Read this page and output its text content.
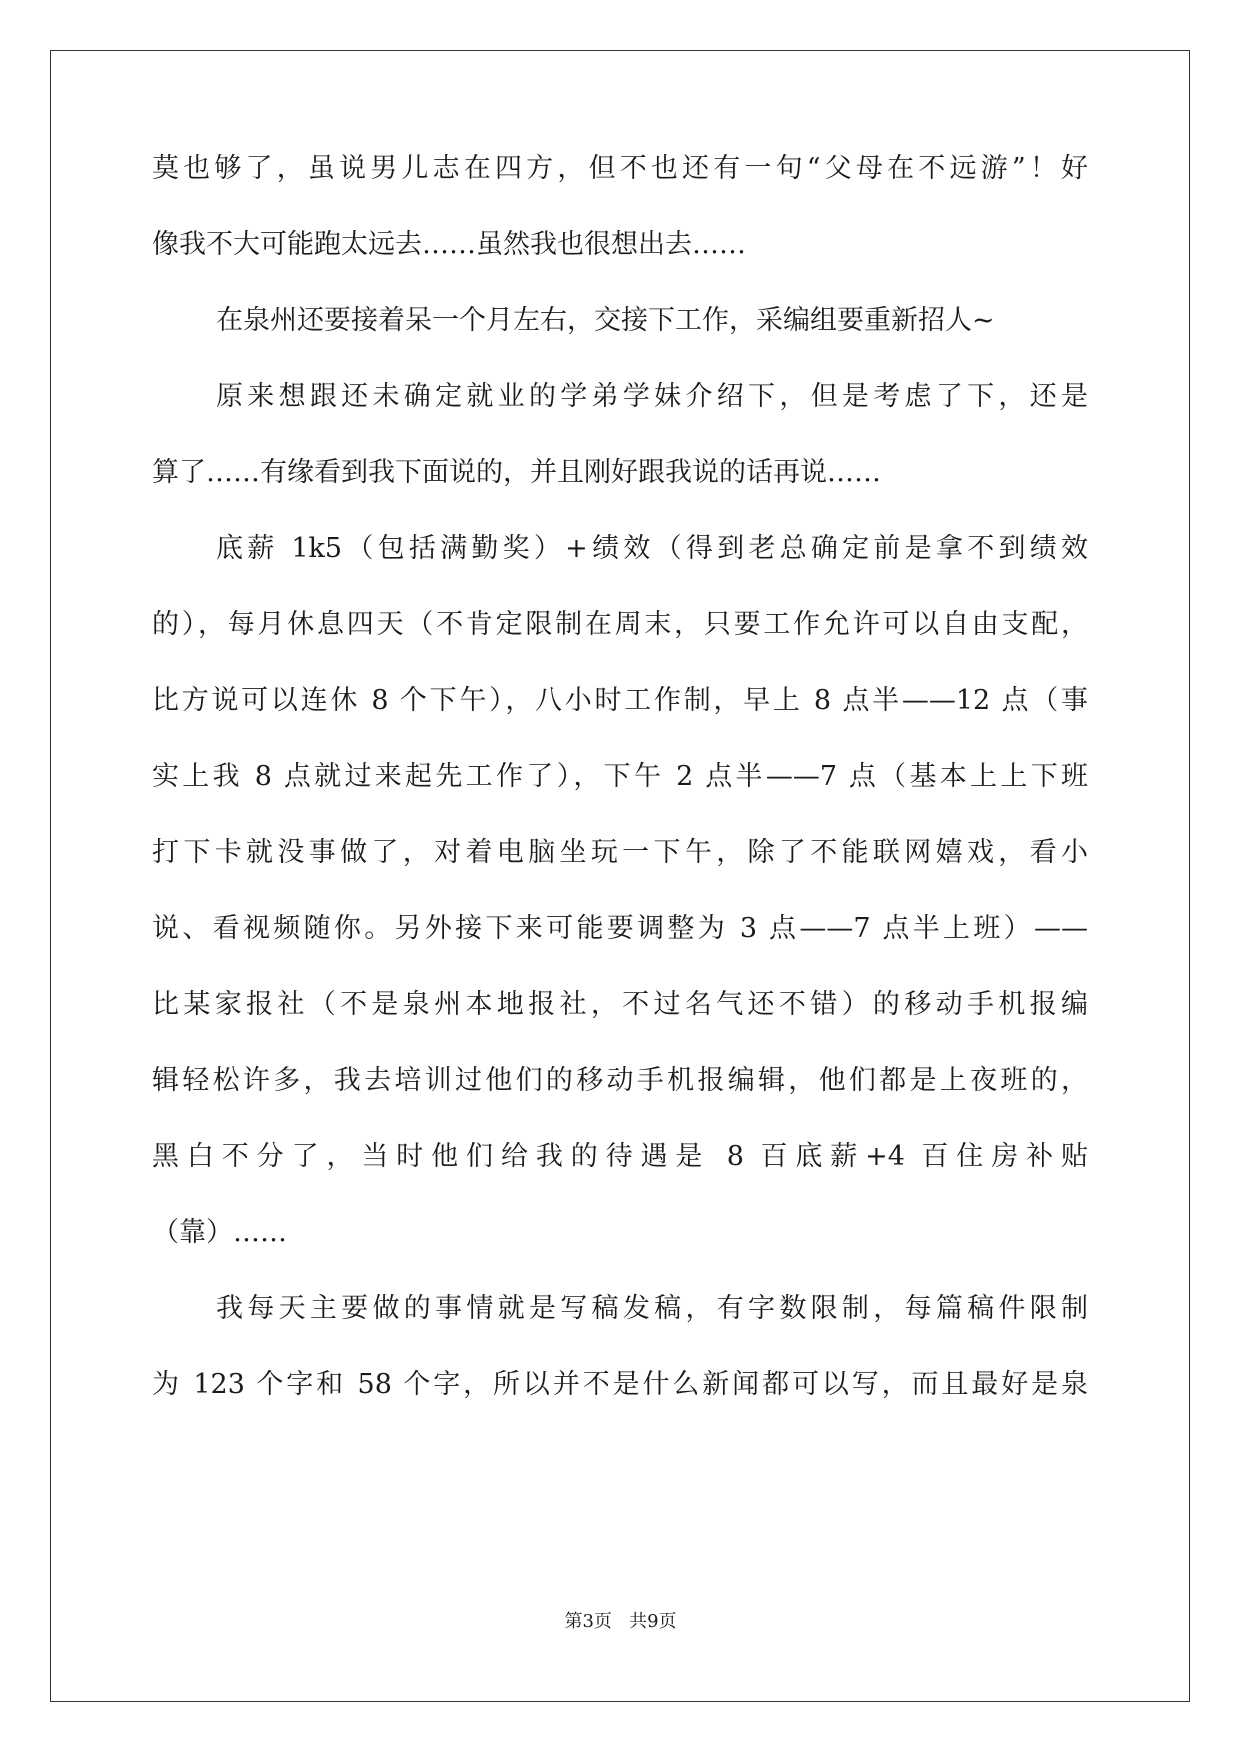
莫也够了，虽说男儿志在四方，但不也还有一句“父母在不远游”！好
像我不大可能跑太远去……虽然我也很想出去……
在泉州还要接着呆一个月左右，交接下工作，采编组要重新招人~
原来想跟还未确定就业的学弟学妹介绍下，但是考虑了下，还是
算了……有缘看到我下面说的，并且刚好跟我说的话再说……
底薪 1k5（包括满勤奖）+绩效（得到老总确定前是拿不到绩效
的），每月休息四天（不肯定限制在周末，只要工作允许可以自由支配，
比方说可以连休 8 个下午），八小时工作制，早上 8 点半——12 点（事
实上我 8 点就过来起先工作了），下午 2 点半——7 点（基本上上下班
打下卡就没事做了，对着电脑坐玩一下午，除了不能联网嬉戏，看小
说、看视频随你。另外接下来可能要调整为 3 点——7 点半上班）——
比某家报社（不是泉州本地报社，不过名气还不错）的移动手机报编
辑轻松许多，我去培训过他们的移动手机报编辑，他们都是上夜班的，
黑白不分了，当时他们给我的待遇是 8 百底薪+4 百住房补贴
（靠）……
我每天主要做的事情就是写稿发稿，有字数限制，每篇稿件限制
为 123 个字和 58 个字，所以并不是什么新闻都可以写，而且最好是泉
第3页   共9页
